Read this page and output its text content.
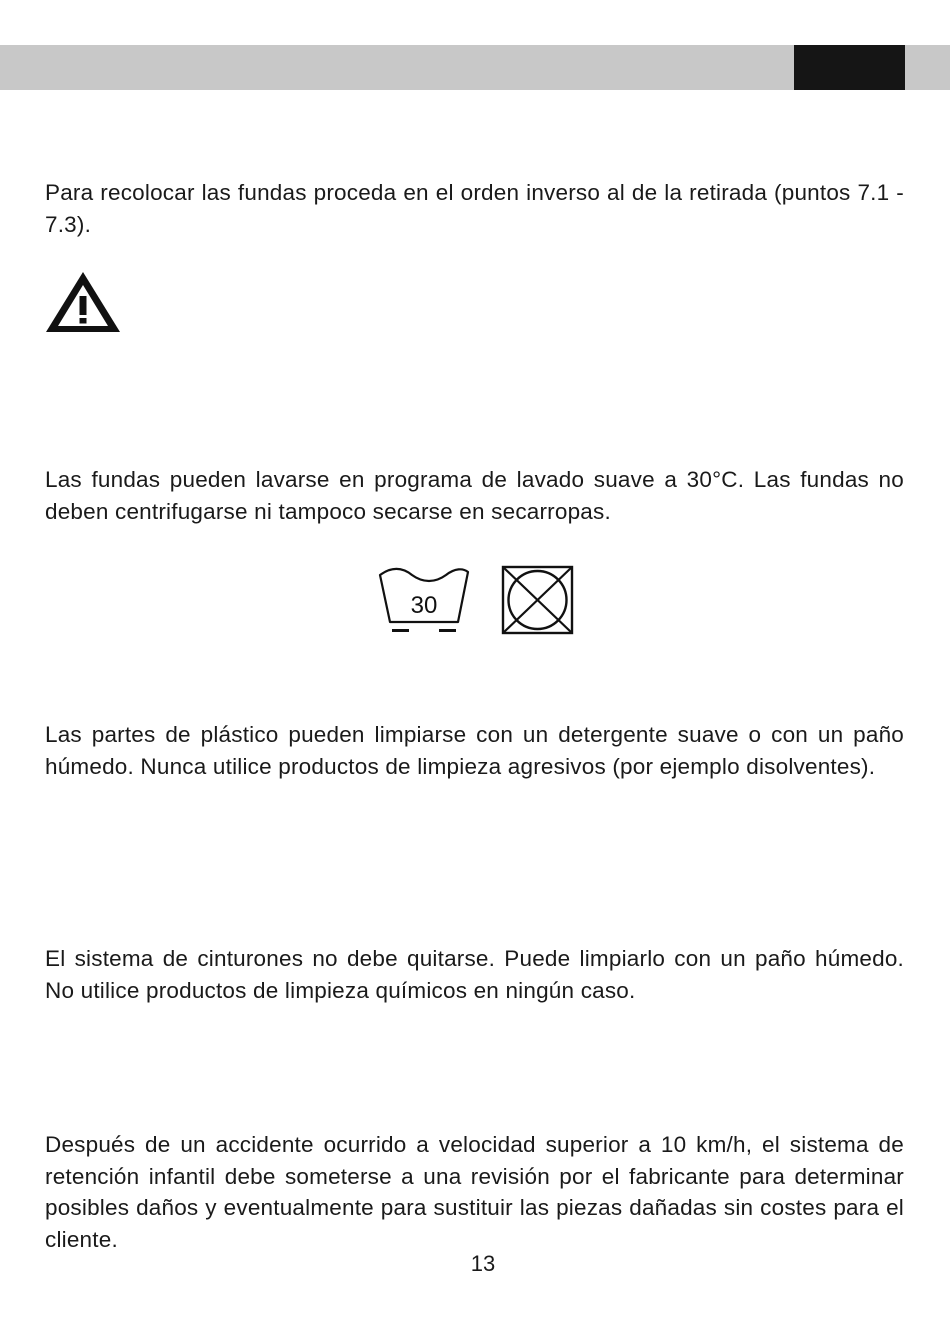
Para recolocar las fundas proceda en el orden inverso al de la retirada (puntos 7.1 - 7.3).

Las fundas pueden lavarse en programa de lavado suave a 30°C. Las fundas no deben centrifugarse ni tampoco secarse en secarropas.

30

Las partes de plástico pueden limpiarse con un detergente suave o con un paño húmedo. Nunca utilice productos de limpieza agresivos (por ejemplo disolventes).

El sistema de cinturones no debe quitarse. Puede limpiarlo con un paño húmedo. No utilice productos de limpieza químicos en ningún caso.

Después de un accidente ocurrido a velocidad superior a 10 km/h, el sistema de retención infantil debe someterse a una revisión por el fabricante para determinar posibles daños y eventualmente para sustituir las piezas dañadas sin costes para el cliente.

13
